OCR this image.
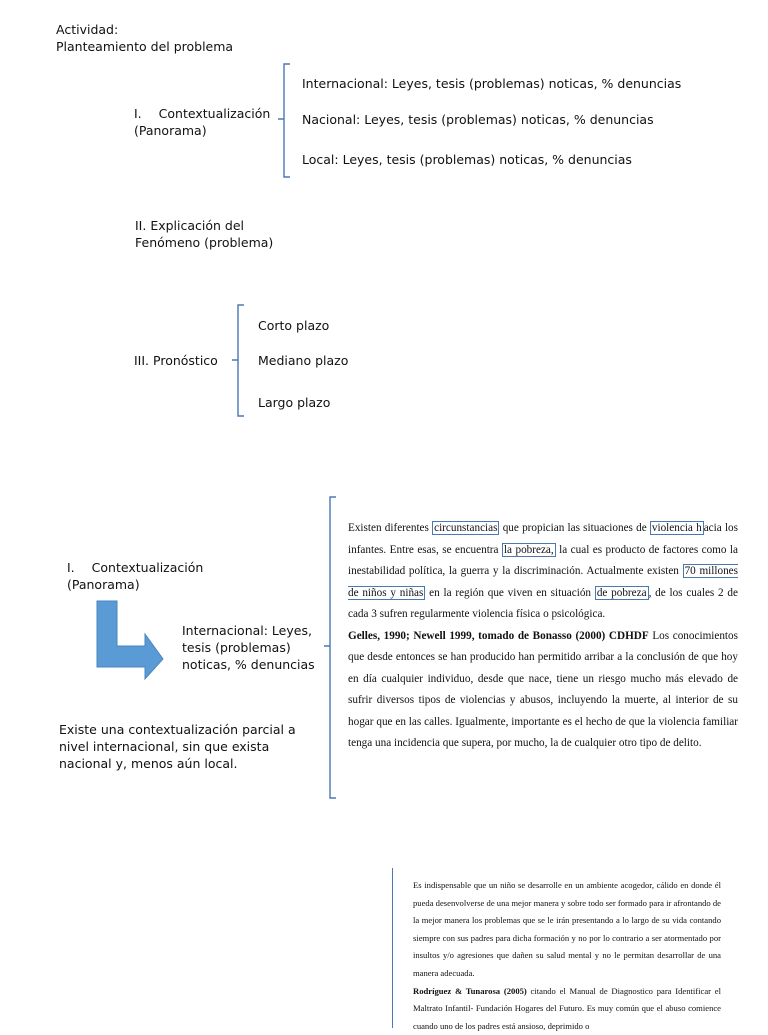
Actividad:
Planteamiento del problema
I. Contextualización
(Panorama)
Internacional: Leyes, tesis (problemas) noticas, % denuncias
Nacional: Leyes, tesis (problemas) noticas, % denuncias
Local: Leyes, tesis (problemas) noticas, % denuncias
II. Explicación del
Fenómeno (problema)
III. Pronóstico
Corto plazo
Mediano plazo
Largo plazo
I. Contextualización
(Panorama)
Internacional: Leyes,
tesis (problemas)
noticas, % denuncias
Existe una contextualización parcial a
nivel internacional, sin que exista
nacional y, menos aún local.
Existen diferentes circunstancias que propician las situaciones de violencia h acia los infantes. Entre esas, se encuentra la pobreza, la cual es producto de factores como la inestabilidad política, la guerra y la discriminación. Actualmente existen 70 millones de niños y niñas en la región que viven en situación de pobreza , de los cuales 2 de cada 3 sufren regularmente violencia física o psicológica.
Gelles, 1990; Newell 1999, tomado de Bonasso (2000) CDHDF Los conocimientos que desde entonces se han producido han permitido arribar a la conclusión de que hoy en día cualquier individuo, desde que nace, tiene un riesgo mucho más elevado de sufrir diversos tipos de violencias y abusos, incluyendo la muerte, al interior de su hogar que en las calles. Igualmente, importante es el hecho de que la violencia familiar tenga una incidencia que supera, por mucho, la de cualquier otro tipo de delito.
Es indispensable que un niño se desarrolle en un ambiente acogedor, cálido en donde él pueda desenvolverse de una mejor manera y sobre todo ser formado para ir afrontando de la mejor manera los problemas que se le irán presentando a lo largo de su vida contando siempre con sus padres para dicha formación y no por lo contrario a ser atormentado por insultos y/o agresiones que dañen su salud mental y no le permitan desarrollar de una manera adecuada.
Rodríguez & Tunarosa (2005) citando el Manual de Diagnostico para Identificar el Maltrato Infantil- Fundación Hogares del Futuro. Es muy común que el abuso comience cuando uno de los padres está ansioso, deprimido o
